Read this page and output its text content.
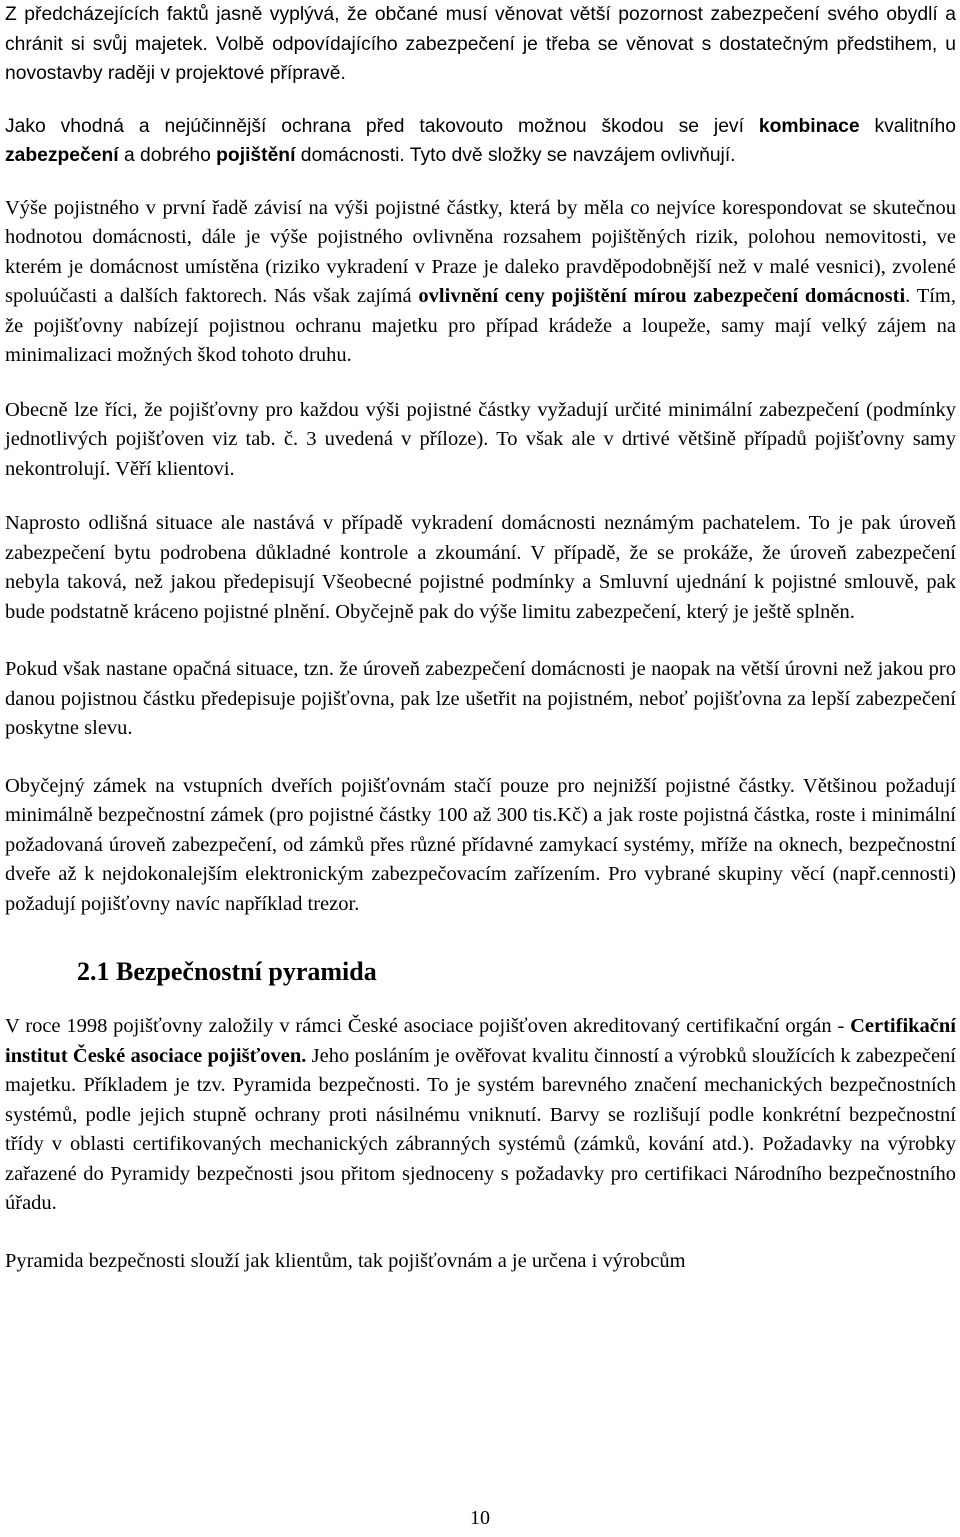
Z předcházejících faktů jasně vyplývá, že občané musí věnovat větší pozornost zabezpečení svého obydlí a chránit si svůj majetek. Volbě odpovídajícího zabezpečení je třeba se věnovat s dostatečným předstihem, u novostavby raději v projektové přípravě.

Jako vhodná a nejúčinnější ochrana před takovouto možnou škodou se jeví kombinace kvalitního zabezpečení a dobrého pojištění domácnosti. Tyto dvě složky se navzájem ovlivňují.

Výše pojistného v první řadě závisí na výši pojistné částky, která by měla co nejvíce korespondovat se skutečnou hodnotou domácnosti, dále je výše pojistného ovlivněna rozsahem pojištěných rizik, polohou nemovitosti, ve kterém je domácnost umístěna (riziko vykradení v Praze je daleko pravděpodobnější než v malé vesnici), zvolené spoluúčasti a dalších faktorech. Nás však zajímá ovlivnění ceny pojištění mírou zabezpečení domácnosti. Tím, že pojišťovny nabízejí pojistnou ochranu majetku pro případ krádeže a loupeže, samy mají velký zájem na minimalizaci možných škod tohoto druhu.

Obecně lze říci, že pojišťovny pro každou výši pojistné částky vyžadují určité minimální zabezpečení (podmínky jednotlivých pojišťoven viz tab. č. 3 uvedená v příloze). To však ale v drtivé většině případů pojišťovny samy nekontrolují. Věří klientovi.

Naprosto odlišná situace ale nastává v případě vykradení domácnosti neznámým pachatelem. To je pak úroveň zabezpečení bytu podrobena důkladné kontrole a zkoumání. V případě, že se prokáže, že úroveň zabezpečení nebyla taková, než jakou předepisují Všeobecné pojistné podmínky a Smluvní ujednání k pojistné smlouvě, pak bude podstatně kráceno pojistné plnění. Obyčejně pak do výše limitu zabezpečení, který je ještě splněn.

Pokud však nastane opačná situace, tzn. že úroveň zabezpečení domácnosti je naopak na větší úrovni než jakou pro danou pojistnou částku předepisuje pojišťovna, pak lze ušetřit na pojistném, neboť pojišťovna za lepší zabezpečení poskytne slevu.

Obyčejný zámek na vstupních dveřích pojišťovnám stačí pouze pro nejnižší pojistné částky. Většinou požadují minimálně bezpečnostní zámek (pro pojistné částky 100 až 300 tis.Kč) a jak roste pojistná částka, roste i minimální požadovaná úroveň zabezpečení, od zámků přes různé přídavné zamykací systémy, mříže na oknech, bezpečnostní dveře až k nejdokonalejším elektronickým zabezpečovacím zařízením. Pro vybrané skupiny věcí (např.cennosti) požadují pojišťovny navíc například trezor.

2.1 Bezpečnostní pyramida

V roce 1998 pojišťovny založily v rámci České asociace pojišťoven akreditovaný certifikační orgán - Certifikační institut České asociace pojišťoven. Jeho posláním je ověřovat kvalitu činností a výrobků sloužících k zabezpečení majetku. Příkladem je tzv. Pyramida bezpečnosti. To je systém barevného značení mechanických bezpečnostních systémů, podle jejich stupně ochrany proti násilnému vniknutí. Barvy se rozlišují podle konkrétní bezpečnostní třídy v oblasti certifikovaných mechanických zábranných systémů (zámků, kování atd.). Požadavky na výrobky zařazené do Pyramidy bezpečnosti jsou přitom sjednoceny s požadavky pro certifikaci Národního bezpečnostního úřadu.

Pyramida bezpečnosti slouží jak klientům, tak pojišťovnám a je určena i výrobcům

10
